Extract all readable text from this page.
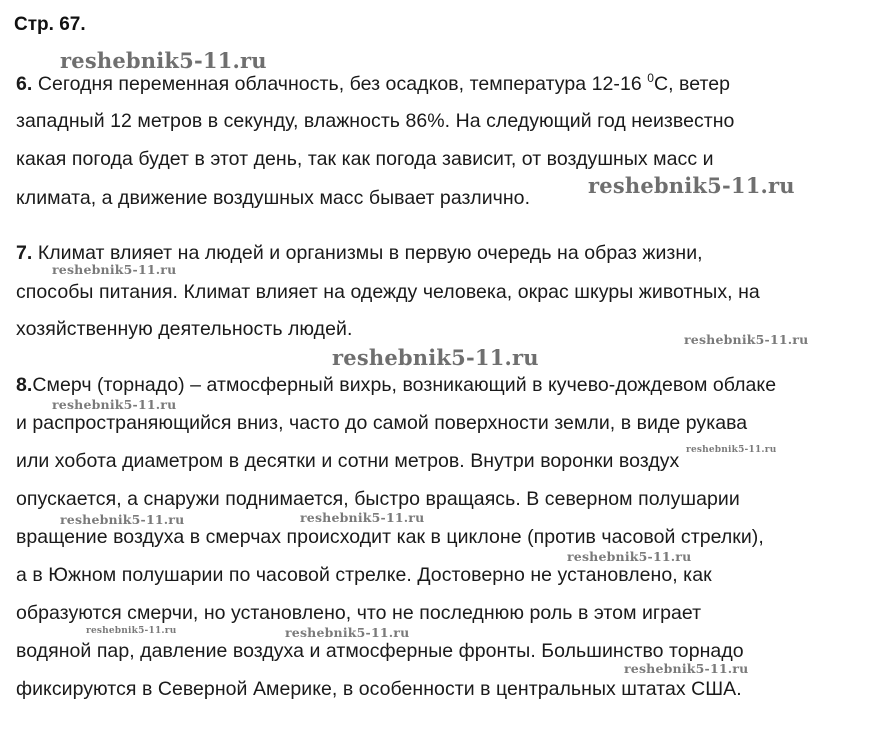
Стр. 67.
6. Сегодня переменная облачность, без осадков, температура 12-16 $^0$С, ветер
западный 12 метров в секунду, влажность 86%. На следующий год неизвестно
какая погода будет в этот день, так как погода зависит, от воздушных масс и
климата, а движение воздушных масс бывает различно.
7. Климат влияет на людей и организмы в первую очередь на образ жизни,
способы питания. Климат влияет на одежду человека, окрас шкуры животных, на
хозяйственную деятельность людей.
8.Смерч (торнадо) – атмосферный вихрь, возникающий в кучево-дождевом облаке
и распространяющийся вниз, часто до самой поверхности земли, в виде рукава
или хобота диаметром в десятки и сотни метров. Внутри воронки воздух
опускается, а снаружи поднимается, быстро вращаясь. В северном полушарии
вращение воздуха в смерчах происходит как в циклоне (против часовой стрелки),
а в Южном полушарии по часовой стрелке. Достоверно не установлено, как
образуются смерчи, но установлено, что не последнюю роль в этом играет
водяной пар, давление воздуха и атмосферные фронты. Большинство торнадо
фиксируются в Северной Америке, в особенности в центральных штатах США.
reshebnik5-11.ru
reshebnik5-11.ru
reshebnik5-11.ru
reshebnik5-11.ru
reshebnik5-11.ru
reshebnik5-11.ru
reshebnik5-11.ru
reshebnik5-11.ru	reshebnik5-11.ru
reshebnik5-11.ru
reshebnik5-11.ru	reshebnik5-11.ru
reshebnik5-11.ru
